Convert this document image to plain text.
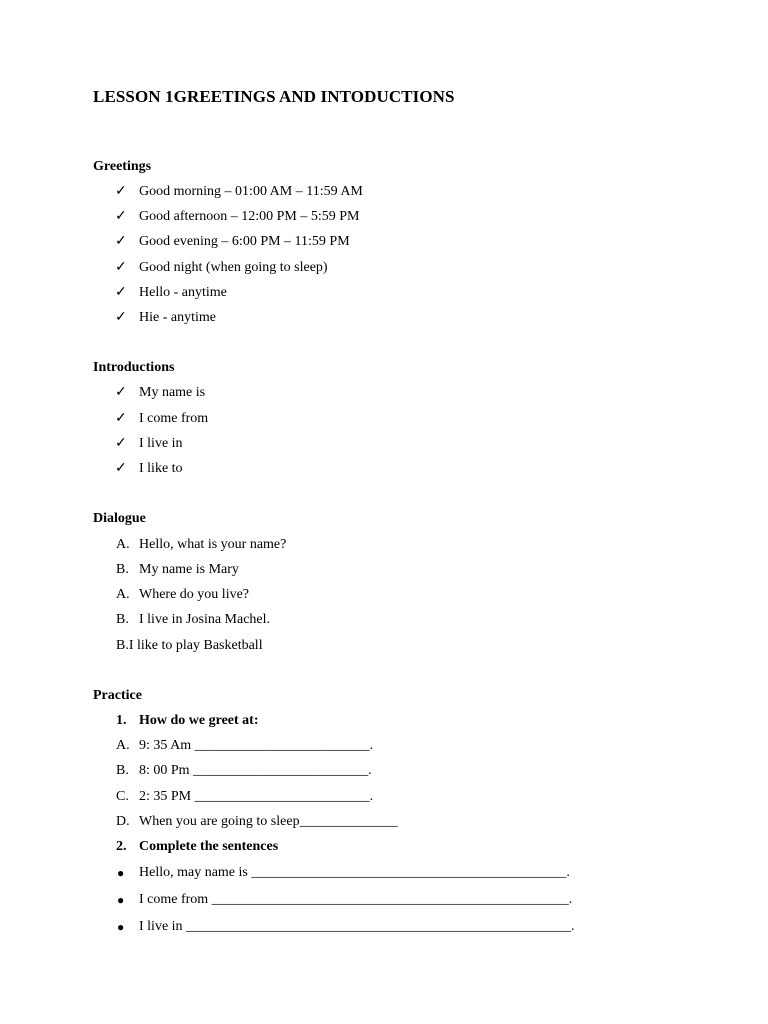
LESSON 1GREETINGS AND INTODUCTIONS
Greetings
✓ Good morning – 01:00 AM – 11:59 AM
✓ Good afternoon – 12:00 PM – 5:59 PM
✓ Good evening – 6:00 PM – 11:59 PM
✓ Good night (when going to sleep)
✓ Hello - anytime
✓ Hie - anytime
Introductions
✓ My name is
✓ I come from
✓ I live in
✓ I like to
Dialogue
A. Hello, what is your name?
B. My name is Mary
A. Where do you live?
B. I live in Josina Machel.
B.I like to play Basketball
Practice
1. How do we greet at:
A. 9: 35 Am _________________________.
B. 8: 00 Pm _________________________.
C. 2: 35 PM _________________________.
D. When you are going to sleep______________
2. Complete the sentences
● Hello, may name is _____________________________________________.
● I come from ___________________________________________________.
● I live in _______________________________________________________.
